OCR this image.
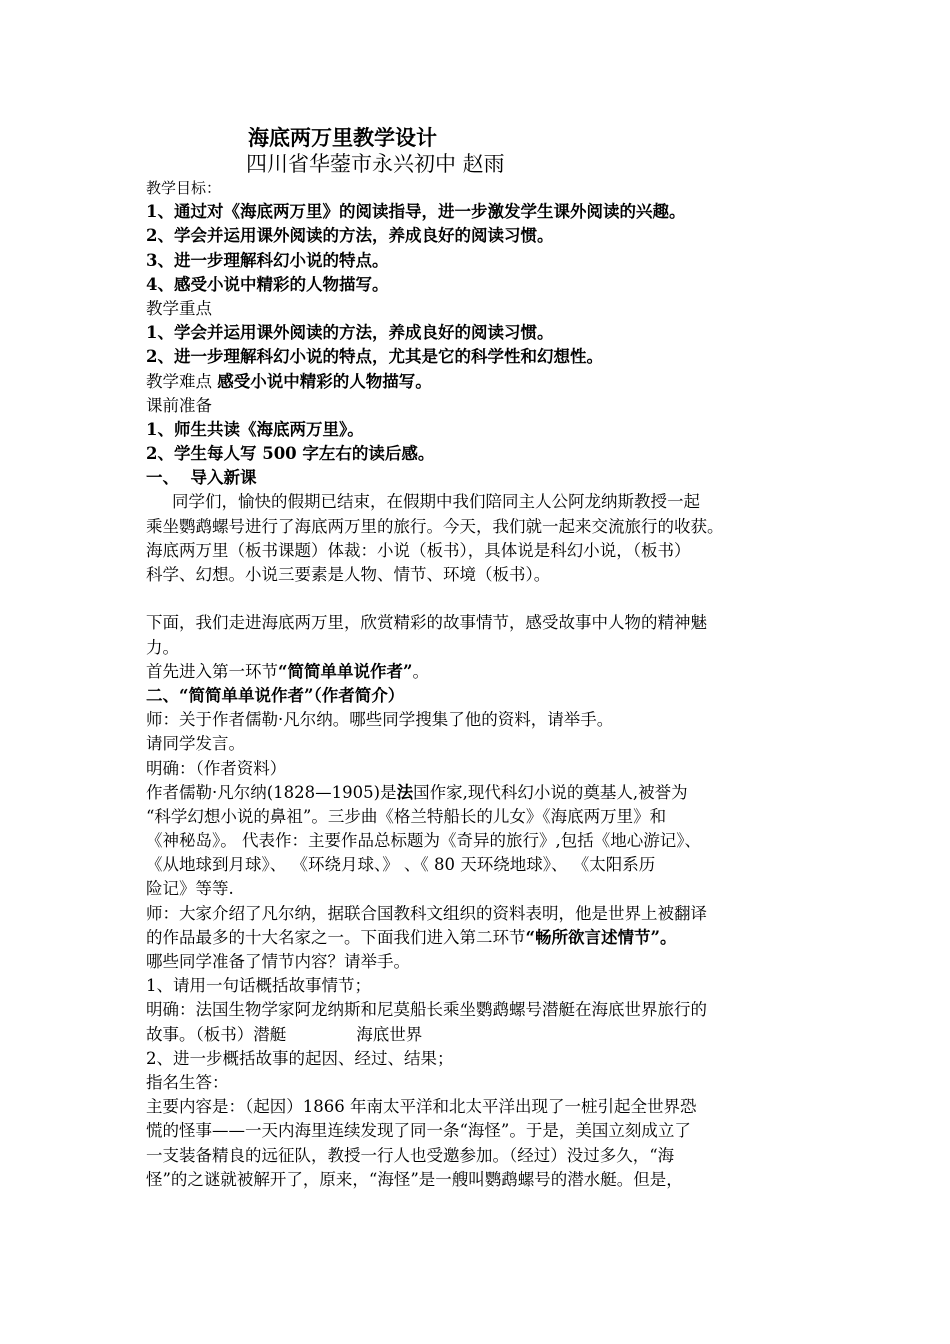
海底两万里教学设计
四川省华蓥市永兴初中 赵雨
教学目标：
1、通过对《海底两万里》的阅读指导，进一步激发学生课外阅读的兴趣。
2、学会并运用课外阅读的方法，养成良好的阅读习惯。
3、进一步理解科幻小说的特点。
4、感受小说中精彩的人物描写。
教学重点
1、学会并运用课外阅读的方法，养成良好的阅读习惯。
2、进一步理解科幻小说的特点，尤其是它的科学性和幻想性。
教学难点 感受小说中精彩的人物描写。
课前准备
1、师生共读《海底两万里》。
2、学生每人写 500 字左右的读后感。
一、  导入新课
同学们，愉快的假期已结束，在假期中我们陪同主人公阿龙纳斯教授一起
乘坐鹦鹉螺号进行了海底两万里的旅行。今天，我们就一起来交流旅行的收获。
海底两万里（板书课题）体裁：小说（板书），具体说是科幻小说，（板书）
科学、幻想。小说三要素是人物、情节、环境（板书）。
下面，我们走进海底两万里，欣赏精彩的故事情节，感受故事中人物的精神魅
力。
首先进入第一环节“简简单单说作者”。
二、“简简单单说作者”（作者简介）
师：关于作者儒勒·凡尔纳。哪些同学搜集了他的资料，请举手。
请同学发言。
明确：（作者资料）
作者儒勒·凡尔纳(1828—1905)是法国作家,现代科幻小说的奠基人,被誉为
“科学幻想小说的鼻祖”。三步曲《格兰特船长的儿女》《海底两万里》和
《神秘岛》。 代表作：主要作品总标题为《奇异的旅行》,包括《地心游记》、
《从地球到月球》、 《环绕月球、》 、《 80 天环绕地球》、 《太阳系历
险记》等等.
师：大家介绍了凡尔纳，据联合国教科文组织的资料表明，他是世界上被翻译
的作品最多的十大名家之一。下面我们进入第二环节“畅所欲言述情节”。
哪些同学准备了情节内容？请举手。
1、请用一句话概括故事情节；
明确：法国生物学家阿龙纳斯和尼莫船长乘坐鹦鹉螺号潜艇在海底世界旅行的
故事。（板书）潜艇	海底世界
2、进一步概括故事的起因、经过、结果；
指名生答：
主要内容是：（起因）1866 年南太平洋和北太平洋出现了一桩引起全世界恐
慌的怪事——一天内海里连续发现了同一条“海怪”。于是，美国立刻成立了
一支装备精良的远征队，教授一行人也受邀参加。（经过）没过多久，“海
怪”的之谜就被解开了，原来，“海怪”是一艘叫鹦鹉螺号的潜水艇。但是，
